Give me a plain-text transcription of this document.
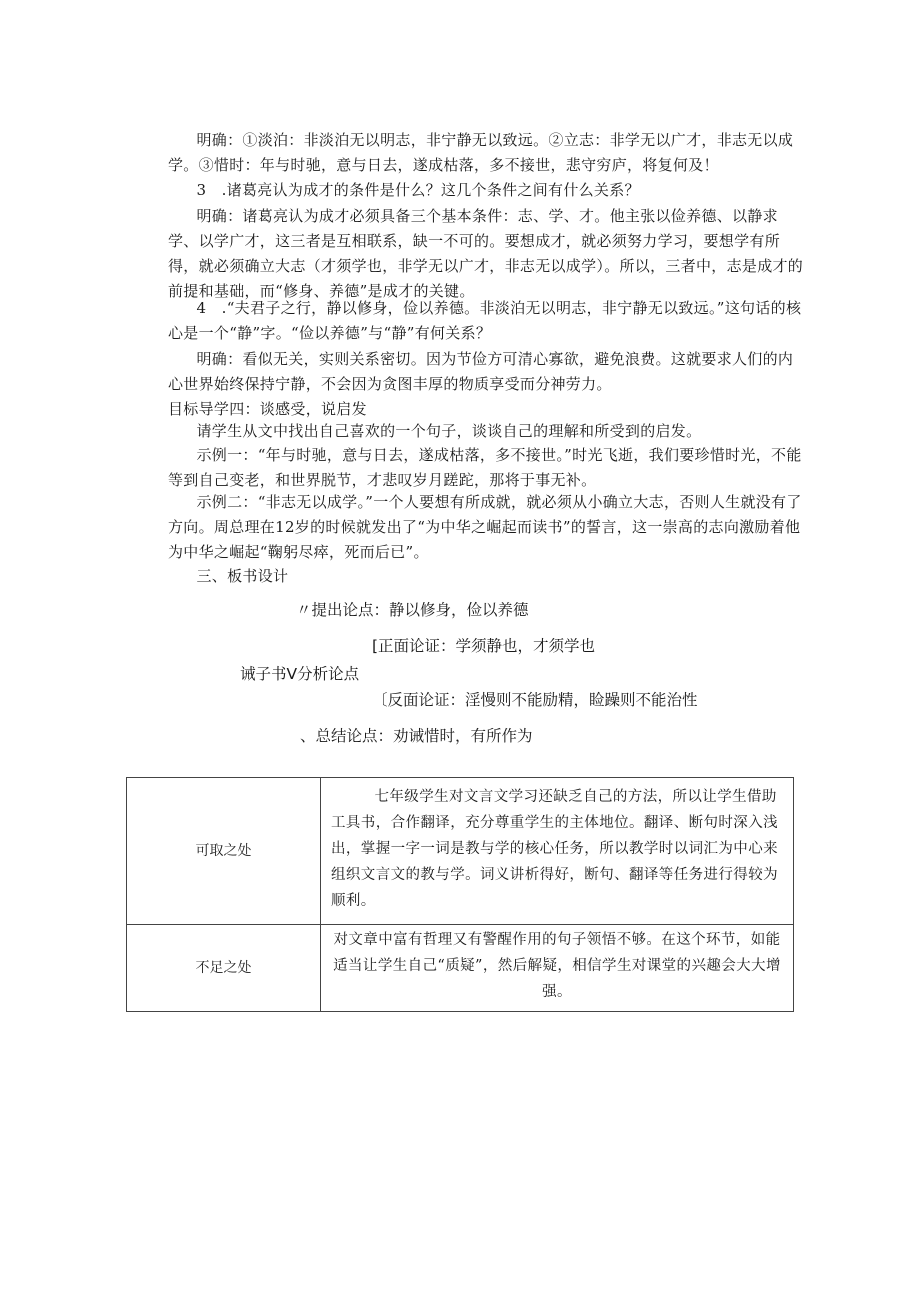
明确：①淡泊：非淡泊无以明志，非宁静无以致远。②立志：非学无以广才，非志无以成学。③惜时：年与时驰，意与日去，遂成枯落，多不接世，悲守穷庐，将复何及！

3　.诸葛亮认为成才的条件是什么？这几个条件之间有什么关系？

明确：诸葛亮认为成才必须具备三个基本条件：志、学、才。他主张以俭养德、以静求学、以学广才，这三者是互相联系，缺一不可的。要想成才，就必须努力学习，要想学有所得，就必须确立大志（才须学也，非学无以广才，非志无以成学）。所以，三者中，志是成才的前提和基础，而“修身、养德”是成才的关键。

4　.“夫君子之行，静以修身，俭以养德。非淡泊无以明志，非宁静无以致远。”这句话的核心是一个“静”字。“俭以养德”与“静”有何关系？

明确：看似无关，实则关系密切。因为节俭方可清心寡欲，避免浪费。这就要求人们的内心世界始终保持宁静，不会因为贪图丰厚的物质享受而分神劳力。

目标导学四：谈感受，说启发

请学生从文中找出自己喜欢的一个句子，谈谈自己的理解和所受到的启发。

示例一：“年与时驰，意与日去，遂成枯落，多不接世。”时光飞逝，我们要珍惜时光，不能等到自己变老，和世界脱节，才悲叹岁月蹉跎，那将于事无补。

示例二：“非志无以成学。”一个人要想有所成就，就必须从小确立大志，否则人生就没有了方向。周总理在12岁的时候就发出了“为中华之崛起而读书”的誓言，这一崇高的志向激励着他为中华之崛起“鞠躬尽瘁，死而后已”。

三、板书设计

〃提出论点：静以修身，俭以养德
[正面论证：学须静也，才须学也
诫子书Ⅴ分析论点
〔反面论证：淫慢则不能励精，睑躁则不能治性
、总结论点：劝诫惜时，有所作为
可取之处	七年级学生对文言文学习还缺乏自己的方法，所以让学生借助工具书，合作翻译，充分尊重学生的主体地位。翻译、断句时深入浅出，掌握一字一词是教与学的核心任务，所以教学时以词汇为中心来组织文言文的教与学。词义讲析得好，断句、翻译等任务进行得较为顺利。
不足之处	对文章中富有哲理又有警醒作用的句子领悟不够。在这个环节，如能适当让学生自己“质疑”，然后解疑，相信学生对课堂的兴趣会大大增强。
